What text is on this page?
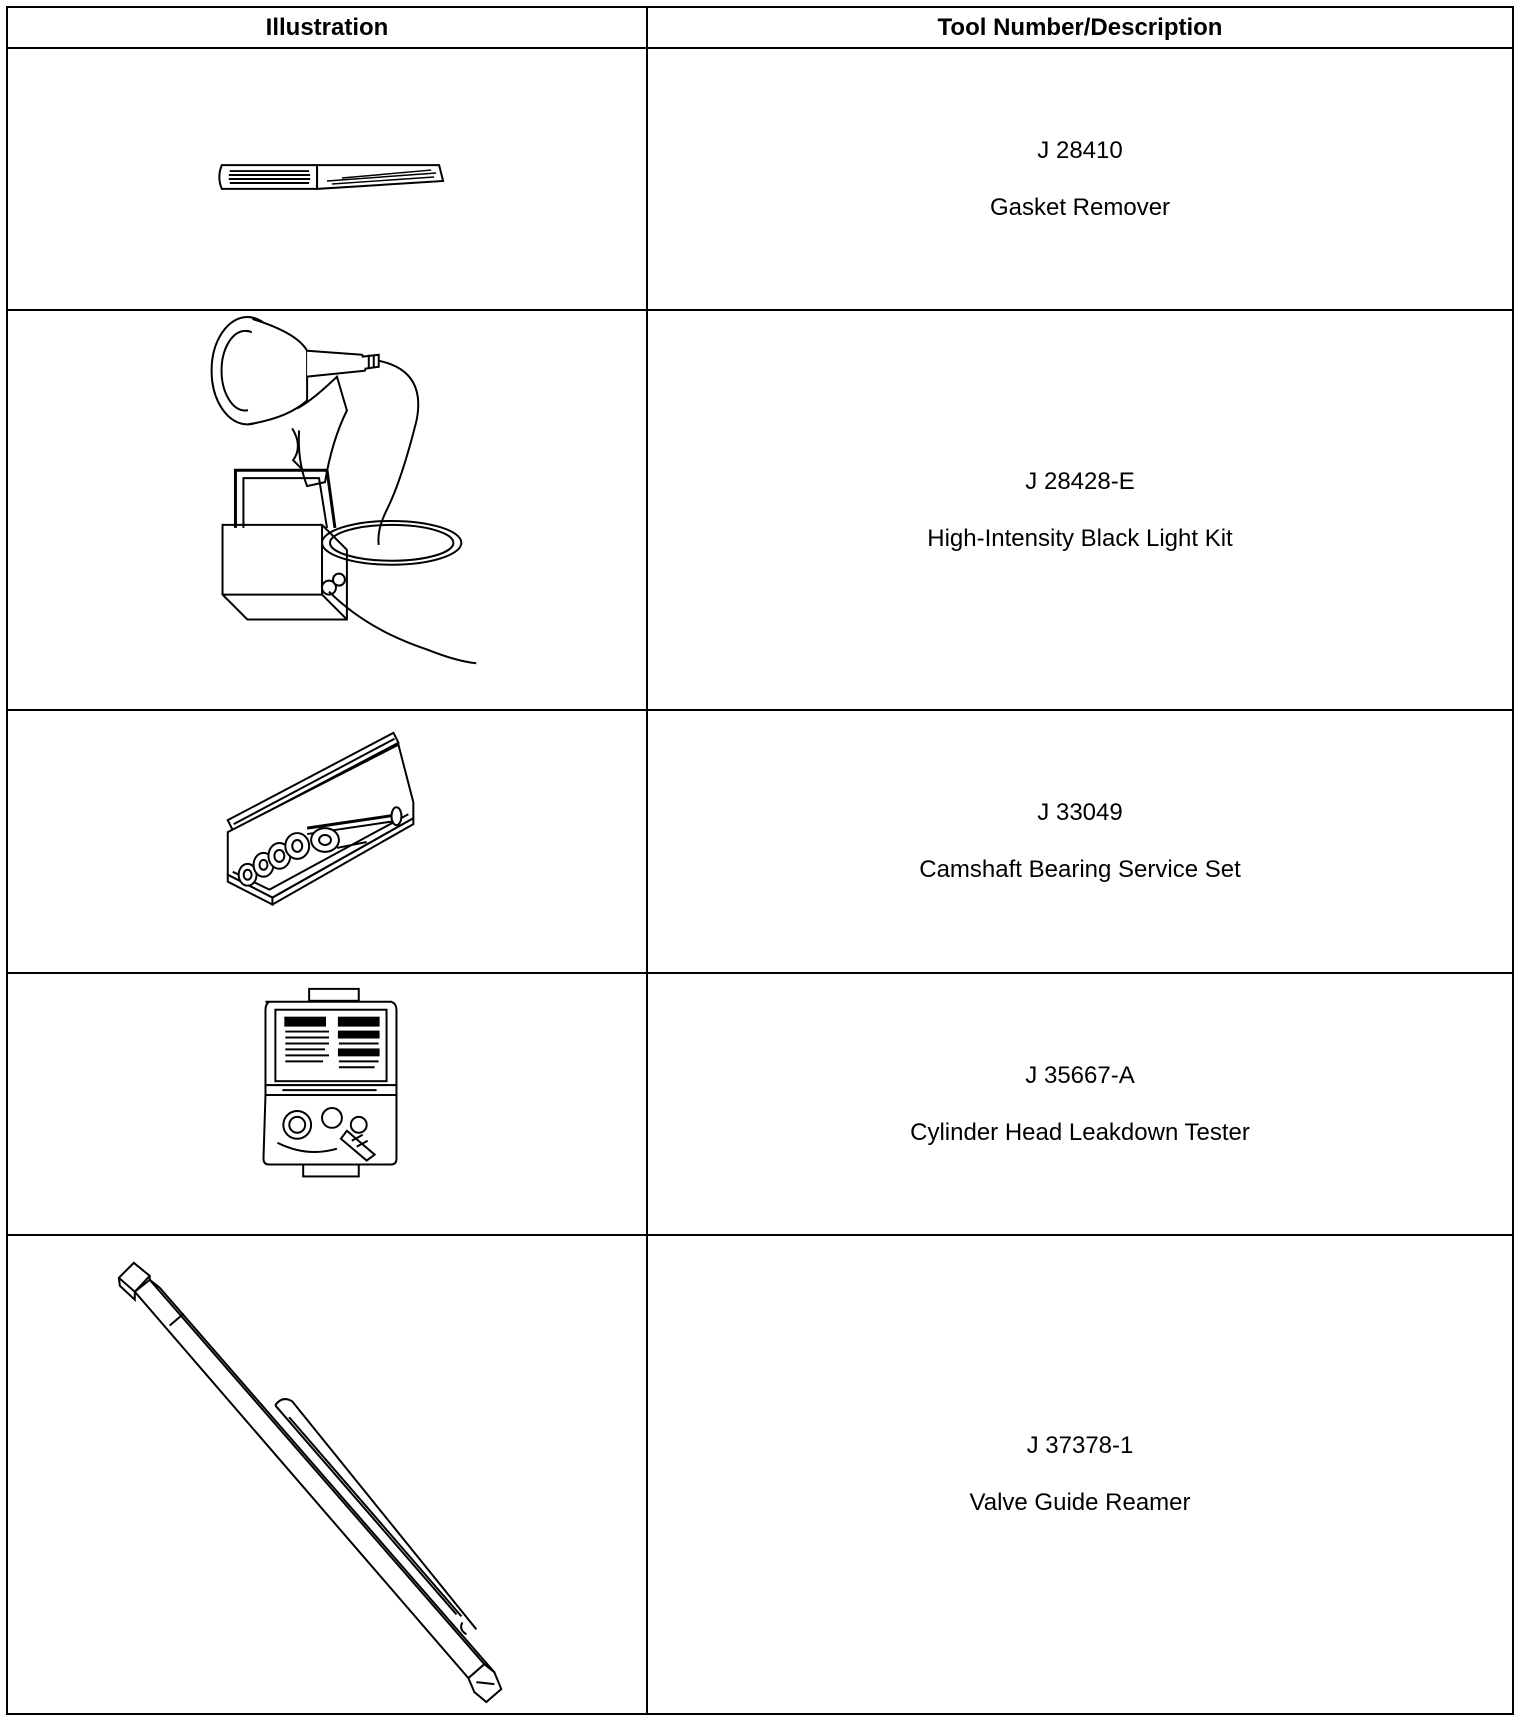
Illustration	Tool Number/Description

J 28410
Gasket Remover

J 28428-E
High-Intensity Black Light Kit

J 33049
Camshaft Bearing Service Set

J 35667-A
Cylinder Head Leakdown Tester

J 37378-1
Valve Guide Reamer
